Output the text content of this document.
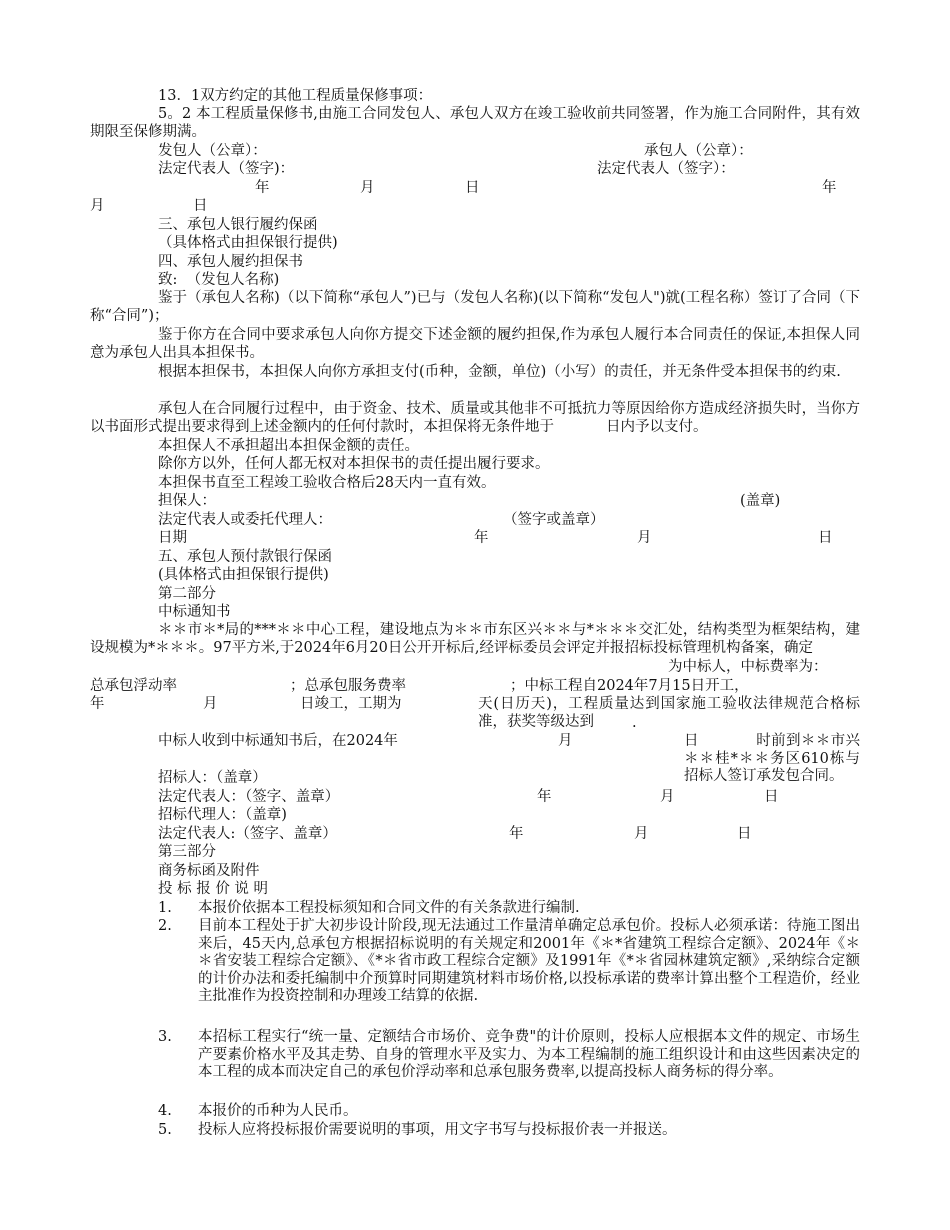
13．1双方约定的其他工程质量保修事项：
5。2 本工程质量保修书,由施工合同发包人、承包人双方在竣工验收前共同签署，作为施工合同附件，其有效期限至保修期满。
发包人（公章）：	承包人（公章）：
法定代表人（签字)：	法定代表人（签字）：
年	月	日	年
月	日
三、承包人银行履约保函
（具体格式由担保银行提供)
四、承包人履约担保书
致:  （发包人名称)
鉴于（承包人名称)（以下简称“承包人”)已与（发包人名称)(以下简称“发包人")就(工程名称）签订了合同（下称“合同”)；
鉴于你方在合同中要求承包人向你方提交下述金额的履约担保,作为承包人履行本合同责任的保证,本担保人同意为承包人出具本担保书。
根据本担保书，本担保人向你方承担支付(币种，金额，单位)（小写）的责任，并无条件受本担保书的约束.
承包人在合同履行过程中，由于资金、技术、质量或其他非不可抵抗力等原因给你方造成经济损失时，当你方以书面形式提出要求得到上述金额内的任何付款时，本担保将无条件地于	日内予以支付。
本担保人不承担超出本担保金额的责任。
除你方以外，任何人都无权对本担保书的责任提出履行要求。
本担保书直至工程竣工验收合格后28天内一直有效。
担保人：	(盖章)
法定代表人或委托代理人：	（签字或盖章）
日期	年	月	日
五、承包人预付款银行保函
(具体格式由担保银行提供)
第二部分
中标通知书
＊＊市＊*局的***＊＊中心工程，建设地点为＊＊市东区兴＊＊与*＊＊＊交汇处，结构类型为框架结构，建设规模为*＊＊＊。97平方米,于2024年6月20日公开开标后,经评标委员会评定并报招标投标管理机构备案，确定
为中标人，中标费率为：
总承包浮动率	；总承包服务费率	；中标工程自2024年7月15日开工，
年	月	日竣工，工期为	天(日历天)，工程质量达到国家施工验收法律规范合格标准，获奖等级达到	.
中标人收到中标通知书后，在2024年	月	日	时前到＊＊市兴＊＊桂*＊＊务区610栋与招标人签订承发包合同。
招标人：（盖章）
法定代表人：（签字、盖章）	年	月	日
招标代理人：（盖章)
法定代表人:（签字、盖章）	年	月	日
第三部分
商务标函及附件
投 标 报 价 说 明
1. 本报价依据本工程投标须知和合同文件的有关条款进行编制.
2. 目前本工程处于扩大初步设计阶段,现无法通过工作量清单确定总承包价。投标人必须承诺：待施工图出来后，45天内,总承包方根据招标说明的有关规定和2001年《＊*省建筑工程综合定额》、2024年《＊＊省安装工程综合定额》、《*＊省市政工程综合定额》及1991年《*＊省园林建筑定额》,采纳综合定额的计价办法和委托编制中介预算时同期建筑材料市场价格,以投标承诺的费率计算出整个工程造价，经业主批准作为投资控制和办理竣工结算的依据.
3. 本招标工程实行“统一量、定额结合市场价、竞争费"的计价原则，投标人应根据本文件的规定、市场生产要素价格水平及其走势、自身的管理水平及实力、为本工程编制的施工组织设计和由这些因素决定的本工程的成本而决定自己的承包价浮动率和总承包服务费率,以提高投标人商务标的得分率。
4. 本报价的币种为人民币。
5. 投标人应将投标报价需要说明的事项，用文字书写与投标报价表一并报送。
